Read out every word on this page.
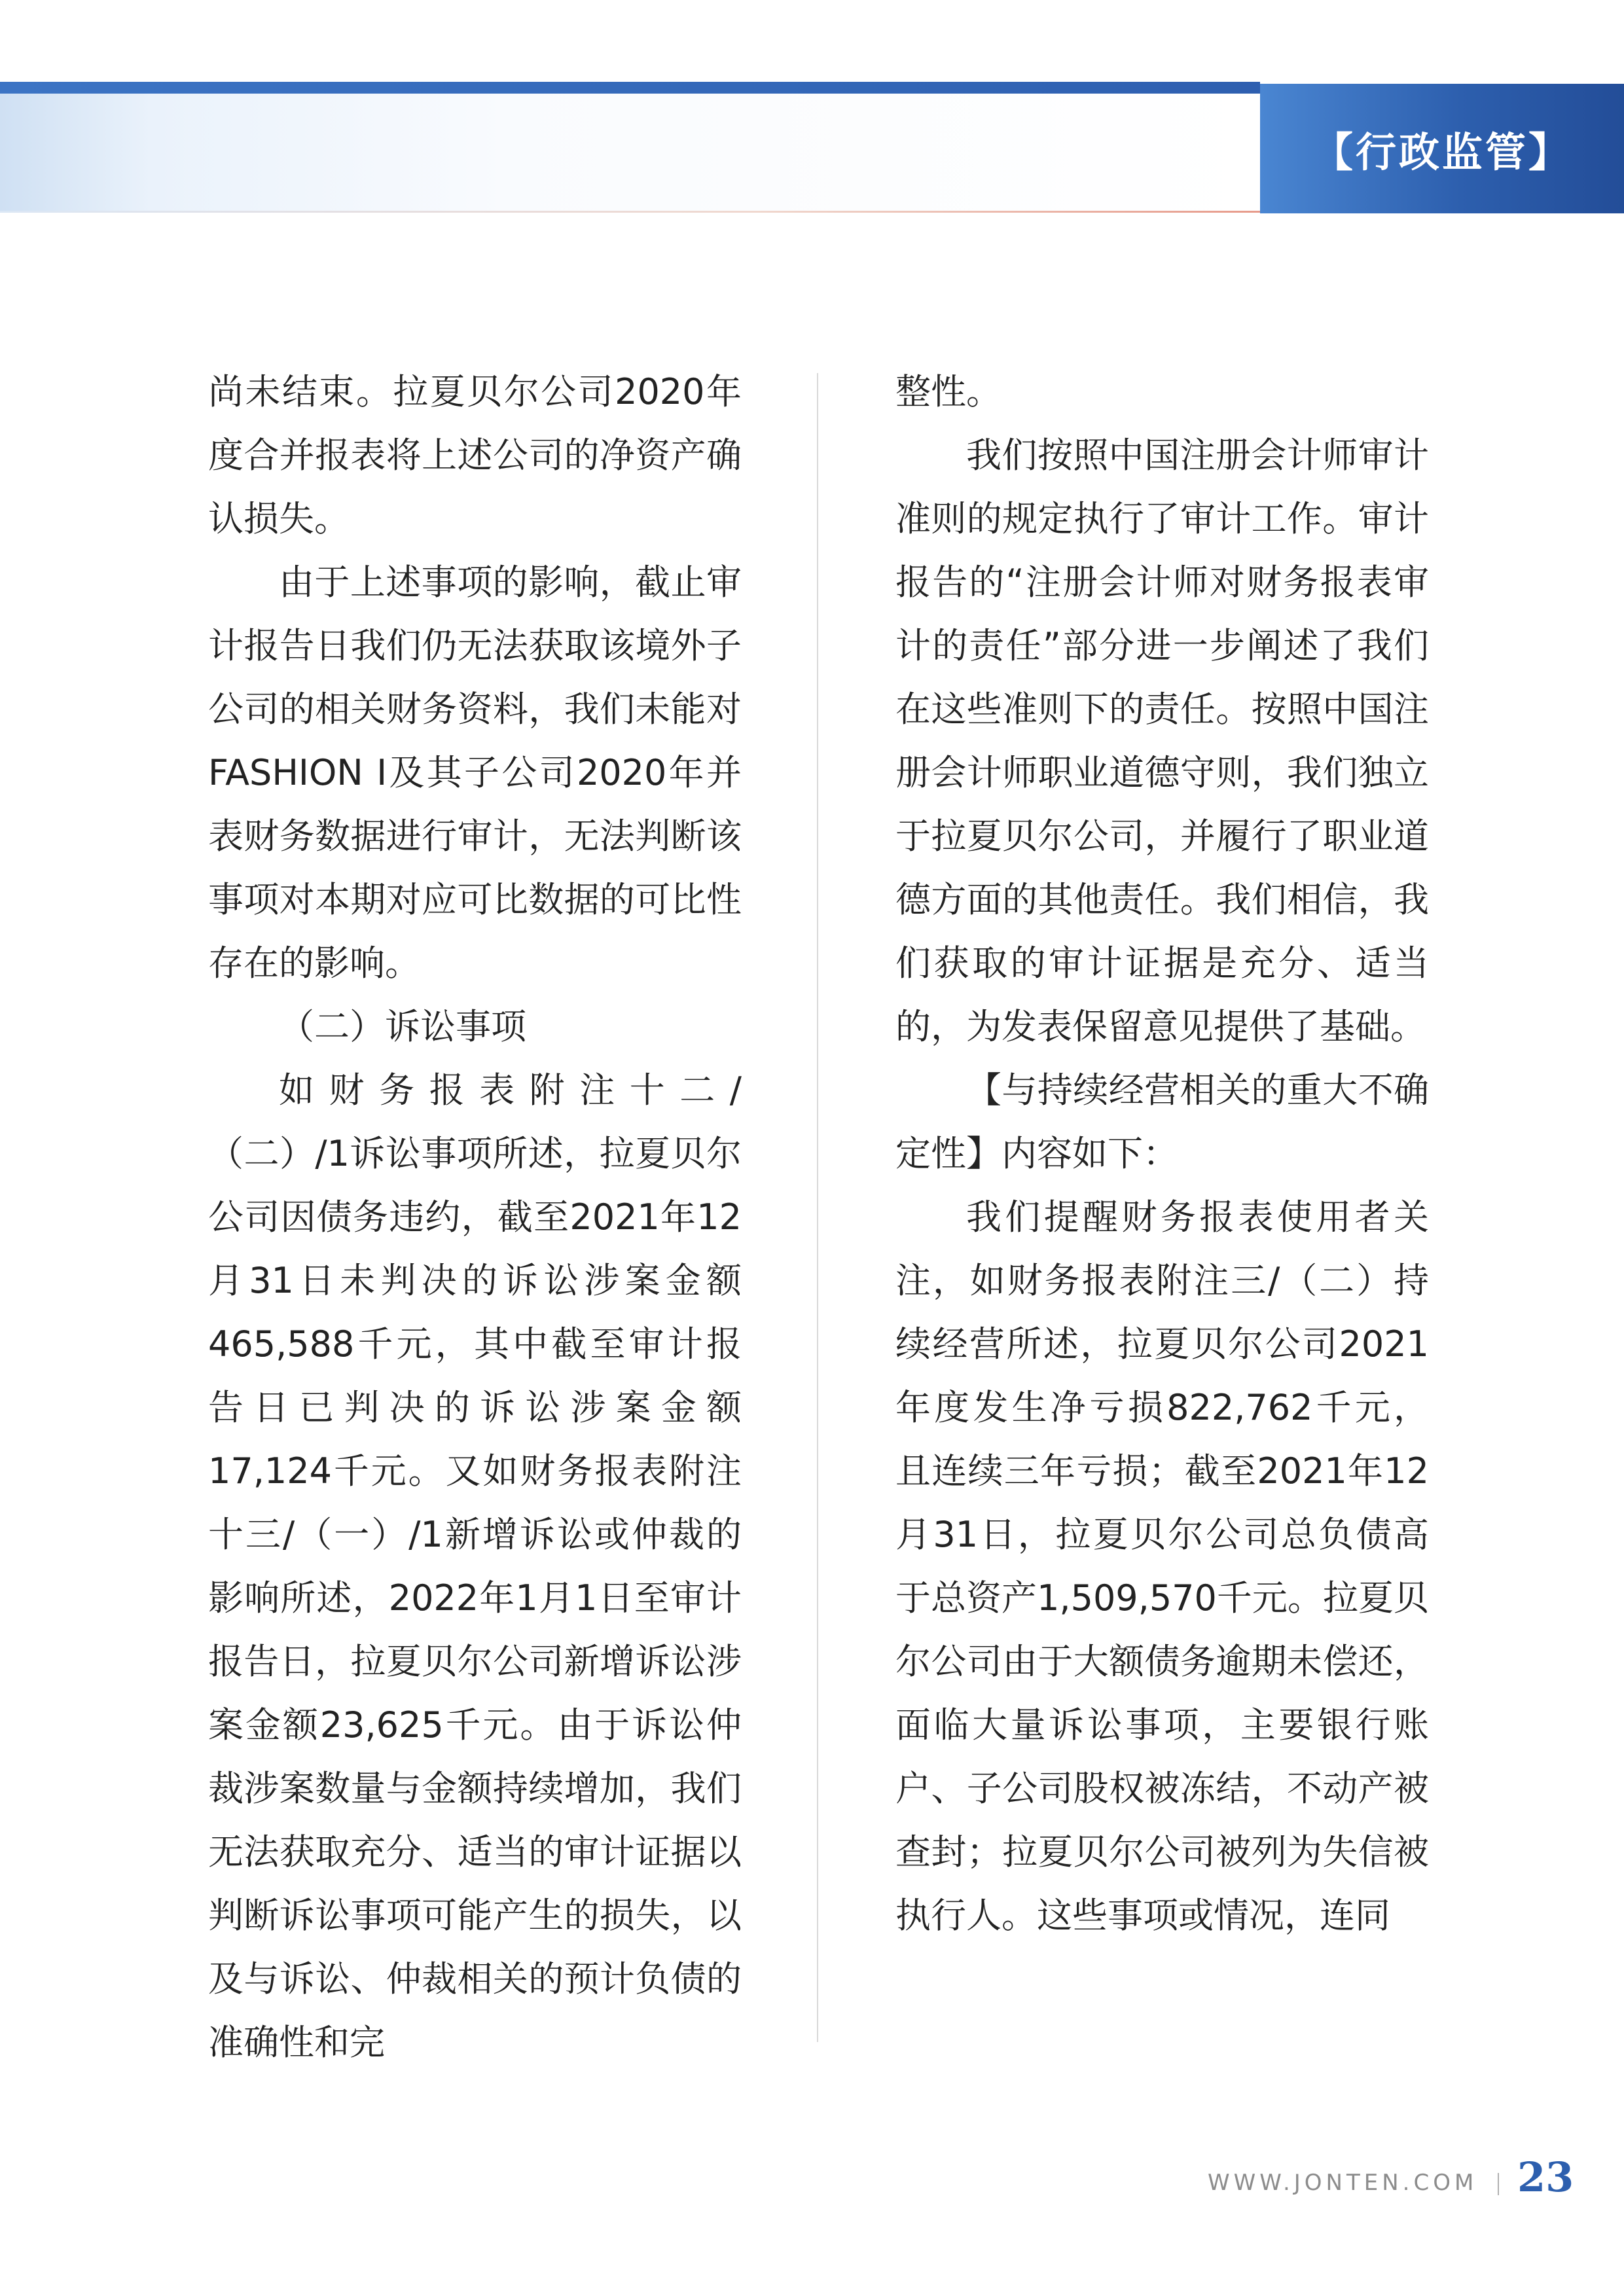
【行政监管】

尚未结束。拉夏贝尔公司2020年度合并报表将上述公司的净资产确认损失。

由于上述事项的影响，截止审计报告日我们仍无法获取该境外子公司的相关财务资料，我们未能对FASHION I及其子公司2020年并表财务数据进行审计，无法判断该事项对本期对应可比数据的可比性存在的影响。

（二）诉讼事项

如财务报表附注十二/（二）/1诉讼事项所述，拉夏贝尔公司因债务违约，截至2021年12月31日未判决的诉讼涉案金额465,588千元，其中截至审计报告日已判决的诉讼涉案金额17,124千元。又如财务报表附注十三/（一）/1新增诉讼或仲裁的影响所述，2022年1月1日至审计报告日，拉夏贝尔公司新增诉讼涉案金额23,625千元。由于诉讼仲裁涉案数量与金额持续增加，我们无法获取充分、适当的审计证据以判断诉讼事项可能产生的损失，以及与诉讼、仲裁相关的预计负债的准确性和完

整性。

我们按照中国注册会计师审计准则的规定执行了审计工作。审计报告的“注册会计师对财务报表审计的责任”部分进一步阐述了我们在这些准则下的责任。按照中国注册会计师职业道德守则，我们独立于拉夏贝尔公司，并履行了职业道德方面的其他责任。我们相信，我们获取的审计证据是充分、适当的，为发表保留意见提供了基础。

【与持续经营相关的重大不确定性】内容如下：

我们提醒财务报表使用者关注，如财务报表附注三/（二）持续经营所述，拉夏贝尔公司2021年度发生净亏损822,762千元，且连续三年亏损；截至2021年12月31日，拉夏贝尔公司总负债高于总资产1,509,570千元。拉夏贝尔公司由于大额债务逾期未偿还，面临大量诉讼事项，主要银行账户、子公司股权被冻结，不动产被查封；拉夏贝尔公司被列为失信被执行人。这些事项或情况，连同

WWW.JONTEN.COM 23
